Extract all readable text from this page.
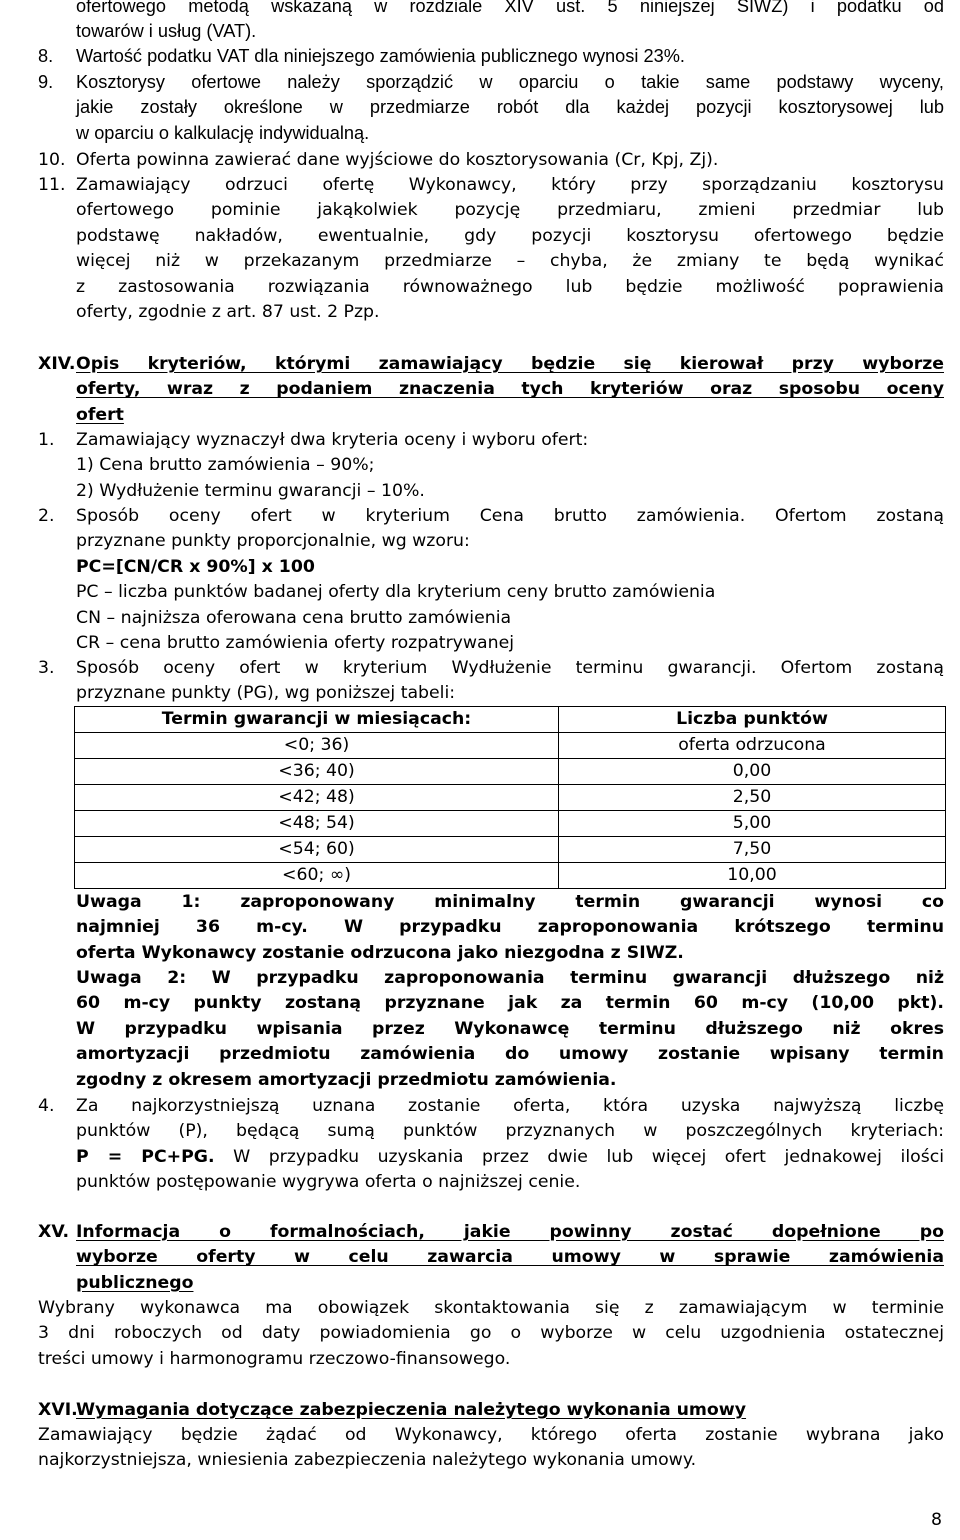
ofertowego metodą wskazaną w rozdziale XIV ust. 5 niniejszej SIWZ) i podatku od
towarów i usług (VAT).
8. Wartość podatku VAT dla niniejszego zamówienia publicznego wynosi 23%.
9. Kosztorysy ofertowe należy sporządzić w oparciu o takie same podstawy wyceny,
jakie zostały określone w przedmiarze robót dla każdej pozycji kosztorysowej lub
w oparciu o kalkulację indywidualną.
10. Oferta powinna zawierać dane wyjściowe do kosztorysowania (Cr, Kpj, Zj).
11. Zamawiający odrzuci ofertę Wykonawcy, który przy sporządzaniu kosztorysu
ofertowego pominie jakąkolwiek pozycję przedmiaru, zmieni przedmiar lub
podstawę nakładów, ewentualnie, gdy pozycji kosztorysu ofertowego będzie
więcej niż w przekazanym przedmiarze – chyba, że zmiany te będą wynikać
z zastosowania rozwiązania równoważnego lub będzie możliwość poprawienia
oferty, zgodnie z art. 87 ust. 2 Pzp.
XIV. Opis kryteriów, którymi zamawiający będzie się kierował przy wyborze
oferty, wraz z podaniem znaczenia tych kryteriów oraz sposobu oceny
ofert
1. Zamawiający wyznaczył dwa kryteria oceny i wyboru ofert:
1) Cena brutto zamówienia – 90%;
2) Wydłużenie terminu gwarancji – 10%.
2. Sposób oceny ofert w kryterium Cena brutto zamówienia. Ofertom zostaną
przyznane punkty proporcjonalnie, wg wzoru:
PC=[CN/CR x 90%] x 100
PC – liczba punktów badanej oferty dla kryterium ceny brutto zamówienia
CN – najniższa oferowana cena brutto zamówienia
CR – cena brutto zamówienia oferty rozpatrywanej
3. Sposób oceny ofert w kryterium Wydłużenie terminu gwarancji. Ofertom zostaną
przyznane punkty (PG), wg poniższej tabeli:
Termin gwarancji w miesiącach:	Liczba punktów
<0; 36)	oferta odrzucona
<36; 40)	0,00
<42; 48)	2,50
<48; 54)	5,00
<54; 60)	7,50
<60; ∞)	10,00
Uwaga 1: zaproponowany minimalny termin gwarancji wynosi co
najmniej 36 m-cy. W przypadku zaproponowania krótszego terminu
oferta Wykonawcy zostanie odrzucona jako niezgodna z SIWZ.
Uwaga 2: W przypadku zaproponowania terminu gwarancji dłuższego niż
60 m-cy punkty zostaną przyznane jak za termin 60 m-cy (10,00 pkt).
W przypadku wpisania przez Wykonawcę terminu dłuższego niż okres
amortyzacji przedmiotu zamówienia do umowy zostanie wpisany termin
zgodny z okresem amortyzacji przedmiotu zamówienia.
4. Za najkorzystniejszą uznana zostanie oferta, która uzyska najwyższą liczbę
punktów (P), będącą sumą punktów przyznanych w poszczególnych kryteriach:
P = PC+PG. W przypadku uzyskania przez dwie lub więcej ofert jednakowej ilości
punktów postępowanie wygrywa oferta o najniższej cenie.
XV. Informacja o formalnościach, jakie powinny zostać dopełnione po
wyborze oferty w celu zawarcia umowy w sprawie zamówienia
publicznego
Wybrany wykonawca ma obowiązek skontaktowania się z zamawiającym w terminie
3 dni roboczych od daty powiadomienia go o wyborze w celu uzgodnienia ostatecznej
treści umowy i harmonogramu rzeczowo-finansowego.
XVI.
Wymagania dotyczące zabezpieczenia należytego wykonania umowy
Zamawiający będzie żądać od Wykonawcy, którego oferta zostanie wybrana jako
najkorzystniejsza, wniesienia zabezpieczenia należytego wykonania umowy.
8
